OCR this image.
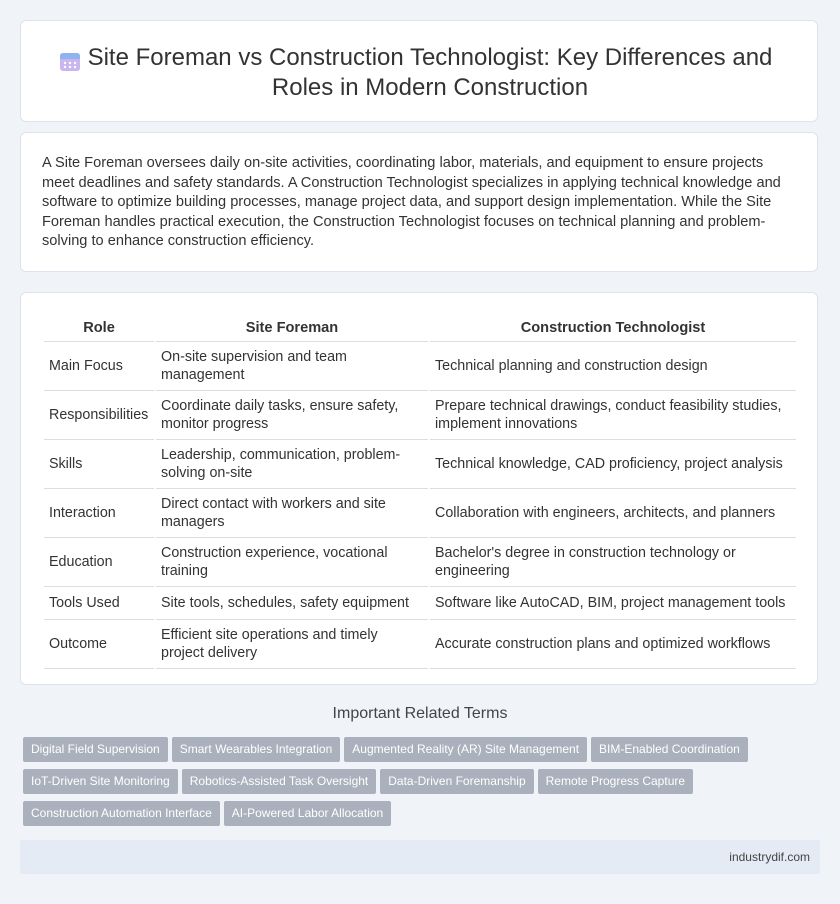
Site Foreman vs Construction Technologist: Key Differences and Roles in Modern Construction

A Site Foreman oversees daily on-site activities, coordinating labor, materials, and equipment to ensure projects meet deadlines and safety standards. A Construction Technologist specializes in applying technical knowledge and software to optimize building processes, manage project data, and support design implementation. While the Site Foreman handles practical execution, the Construction Technologist focuses on technical planning and problem-solving to enhance construction efficiency.

Role	Site Foreman	Construction Technologist
Main Focus	On-site supervision and team management	Technical planning and construction design
Responsibilities	Coordinate daily tasks, ensure safety, monitor progress	Prepare technical drawings, conduct feasibility studies, implement innovations
Skills	Leadership, communication, problem-solving on-site	Technical knowledge, CAD proficiency, project analysis
Interaction	Direct contact with workers and site managers	Collaboration with engineers, architects, and planners
Education	Construction experience, vocational training	Bachelor's degree in construction technology or engineering
Tools Used	Site tools, schedules, safety equipment	Software like AutoCAD, BIM, project management tools
Outcome	Efficient site operations and timely project delivery	Accurate construction plans and optimized workflows
Important Related Terms
Digital Field Supervision Smart Wearables Integration Augmented Reality (AR) Site Management BIM-Enabled Coordination
IoT-Driven Site Monitoring Robotics-Assisted Task Oversight Data-Driven Foremanship Remote Progress Capture
Construction Automation Interface AI-Powered Labor Allocation
industrydif.com
